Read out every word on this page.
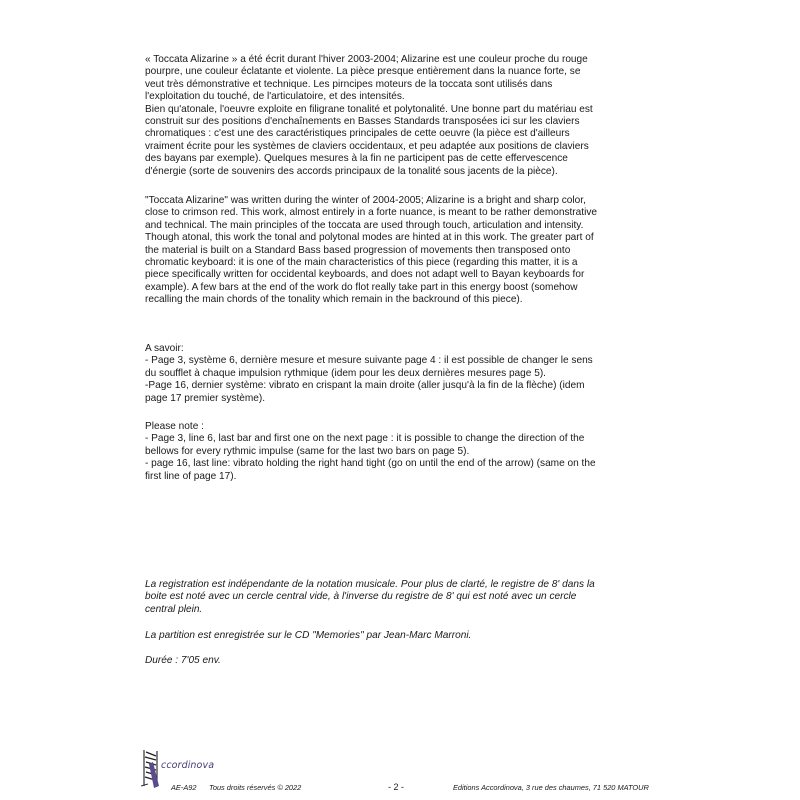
« Toccata Alizarine » a été écrit durant l'hiver 2003-2004; Alizarine est une couleur proche du rouge
pourpre, une couleur éclatante et violente. La pièce presque entièrement dans la nuance forte, se
veut très démonstrative et technique. Les pirncipes moteurs de la toccata sont utilisés dans
l'exploitation du touché, de l'articulatoire, et des intensités.
Bien qu'atonale, l'oeuvre exploite en filigrane tonalité et polytonalité. Une bonne part du matériau est
construit sur des positions d'enchaînements en Basses Standards transposées ici sur les claviers
chromatiques : c'est une des caractéristiques principales de cette oeuvre (la pièce est d'ailleurs
vraiment écrite pour les systèmes de claviers occidentaux, et peu adaptée aux positions de claviers
des bayans par exemple). Quelques mesures à la fin ne participent pas de cette effervescence
d'énergie (sorte de souvenirs des accords principaux de la tonalité sous jacents de la pièce).
"Toccata Alizarine" was written during the winter of 2004-2005; Alizarine is a bright and sharp color,
close to crimson red. This work, almost entirely in a forte nuance, is meant to be rather demonstrative
and technical. The main principles of the toccata are used through touch, articulation and intensity.
Though atonal, this work the tonal and polytonal modes are hinted at in this work. The greater part of
the material is built on a Standard Bass based progression of movements then transposed onto
chromatic keyboard: it is one of the main characteristics of this piece (regarding this matter, it is a
piece specifically written for occidental keyboards, and does not adapt well to Bayan keyboards for
example). A few bars at the end of the work do flot really take part in this energy boost (somehow
recalling the main chords of the tonality which remain in the backround of this piece).
A savoir:
- Page 3, système 6, dernière mesure et mesure suivante page 4 : il est possible de changer le sens
du soufflet à chaque impulsion rythmique (idem pour les deux dernières mesures page 5).
-Page 16, dernier système: vibrato en crispant la main droite (aller jusqu'à la fin de la flèche) (idem
page 17 premier système).
Please note :
- Page 3, line 6, last bar and first one on the next page : it is possible to change the direction of the
bellows for every rythmic impulse (same for the last two bars on page 5).
- page 16, last line: vibrato holding the right hand tight (go on until the end of the arrow) (same on the
first line of page 17).
La registration est indépendante de la notation musicale. Pour plus de clarté, le registre de 8' dans la
boite est noté avec un cercle central vide, à l'inverse du registre de 8' qui est noté avec un cercle
central plein.
La partition est enregistrée sur le CD "Memories" par Jean-Marc Marroni.
Durée : 7'05 env.
ccordinova
AE-A92 Tous droits réservés © 2022	- 2 -	Editions Accordinova, 3 rue des chaumes, 71 520 MATOUR
